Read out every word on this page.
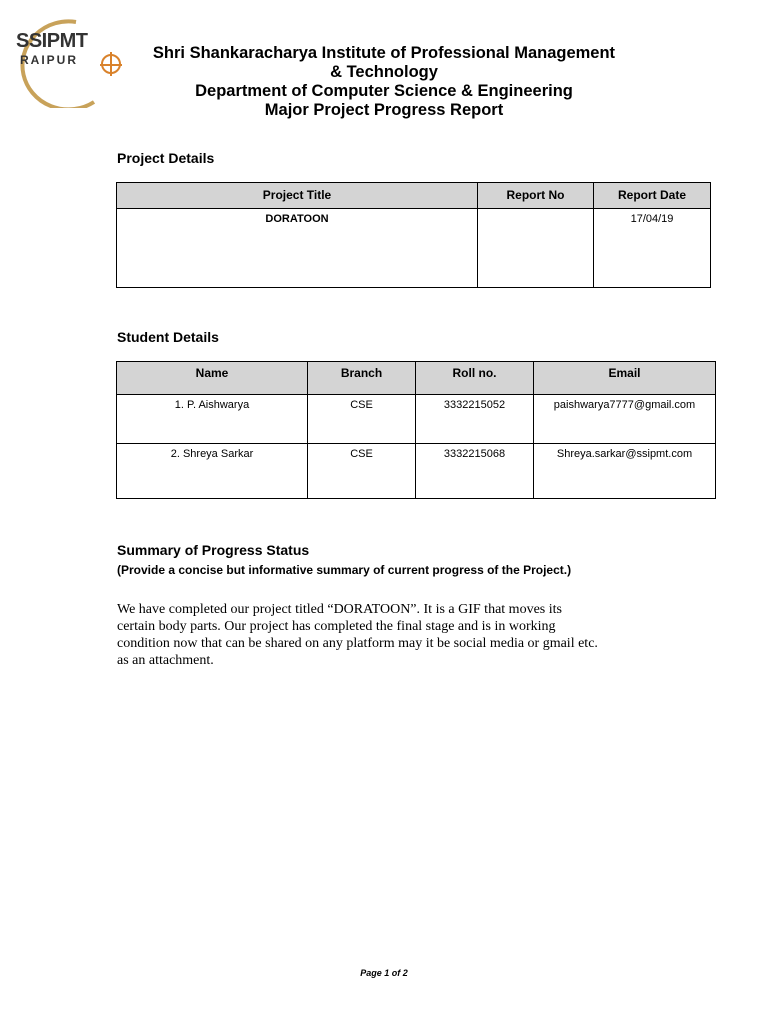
SSIPMT
RAIPUR	Shri Shankaracharya Institute of Professional Management
& Technology
Department of Computer Science & Engineering
Major Project Progress Report
Project Details
Project Title	Report No	Report Date
DORATOON		17/04/19
Student Details
Name	Branch	Roll no.	Email
1. P. Aishwarya	CSE	3332215052	paishwarya7777@gmail.com
2. Shreya Sarkar	CSE	3332215068	Shreya.sarkar@ssipmt.com
Summary of Progress Status
(Provide a concise but informative summary of current progress of the Project.)
We have completed our project titled “DORATOON”. It is a GIF that moves its
certain body parts. Our project has completed the final stage and is in working
condition now that can be shared on any platform may it be social media or gmail etc.
as an attachment.
Page 1 of 2
